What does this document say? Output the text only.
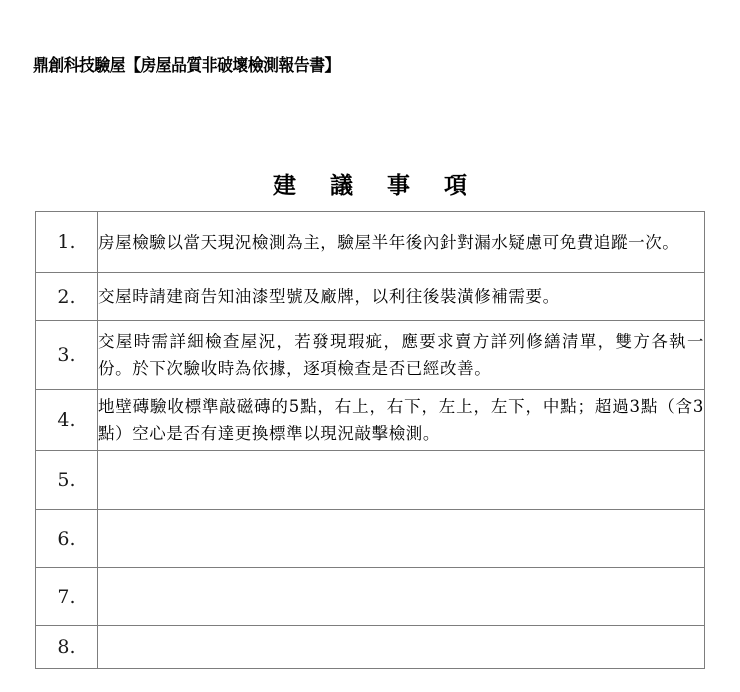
鼎創科技驗屋【房屋品質非破壞檢測報告書】
建 議 事 項
1.	房屋檢驗以當天現況檢測為主，驗屋半年後內針對漏水疑慮可免費追蹤一次。
2.	交屋時請建商告知油漆型號及廠牌，以利往後裝潢修補需要。
3.	交屋時需詳細檢查屋況，若發現瑕疵，應要求賣方詳列修繕清單，雙方各執一份。於下次驗收時為依據，逐項檢查是否已經改善。
4.	地壁磚驗收標準敲磁磚的5點，右上，右下，左上，左下，中點；超過3點（含3點）空心是否有達更換標準以現況敲擊檢測。
5.	
6.	
7.	
8.	
